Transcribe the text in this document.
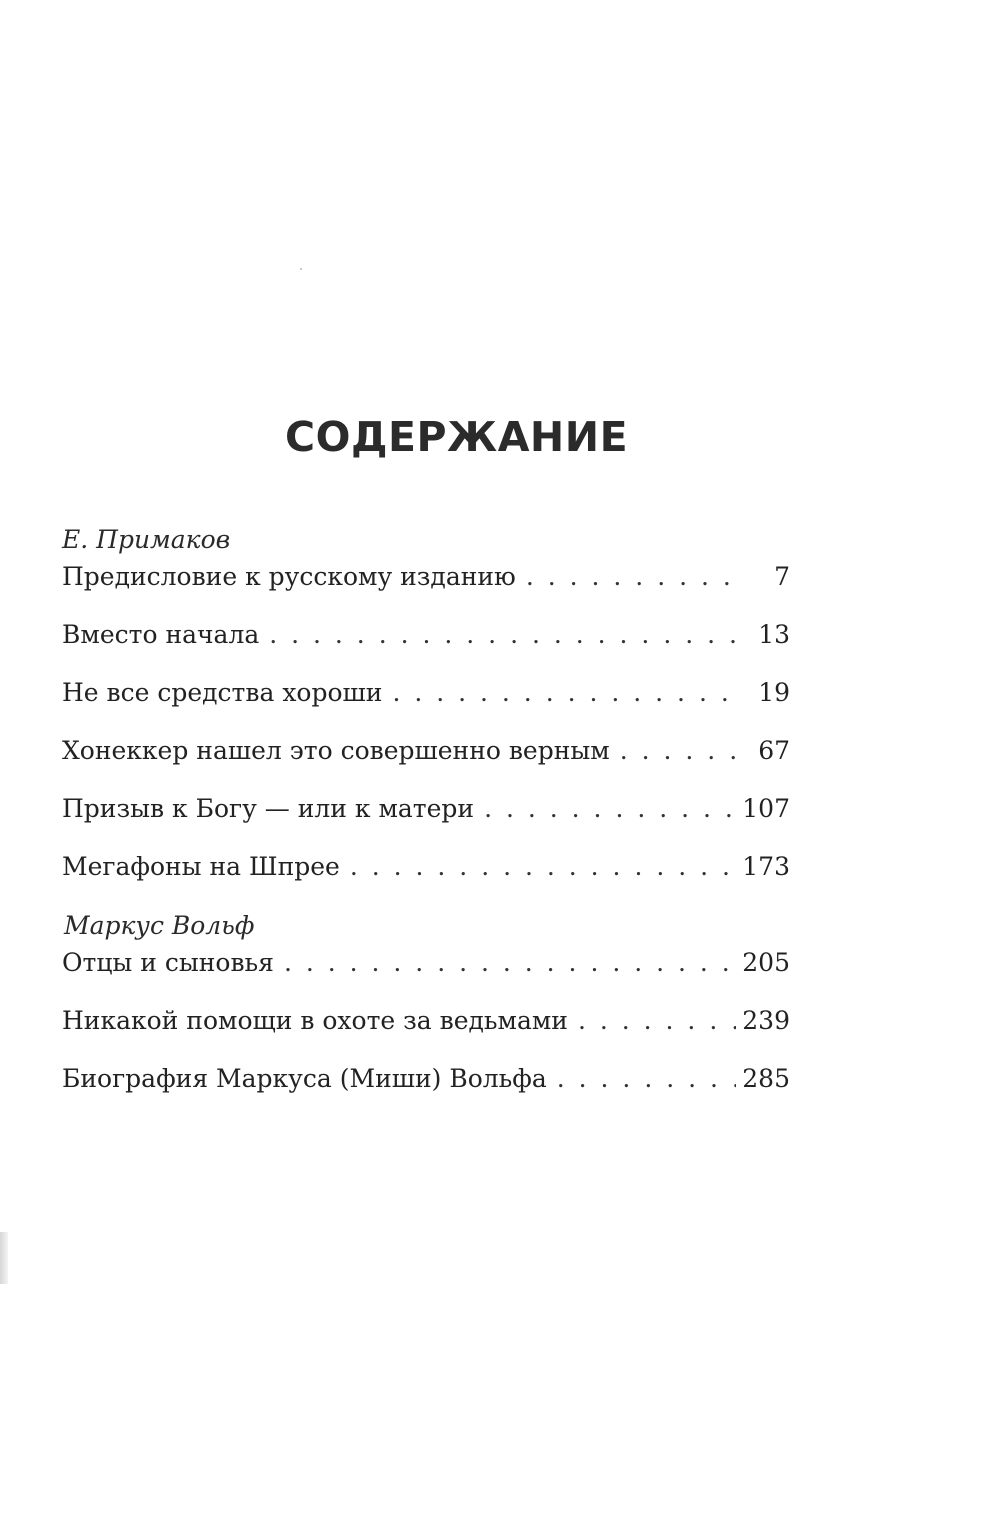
СОДЕРЖАНИЕ
Е. Примаков
Предисловие к русскому изданию . . .	7
Вместо начала . . .	13
Не все средства хороши . . .	19
Хонеккер нашел это совершенно верным . . .	67
Призыв к Богу — или к матери . . .	107
Мегафоны на Шпрее . . .	173
Маркус Вольф
Отцы и сыновья . . .	205
Никакой помощи в охоте за ведьмами . . .	239
Биография Маркуса (Миши) Вольфа . . .	285
